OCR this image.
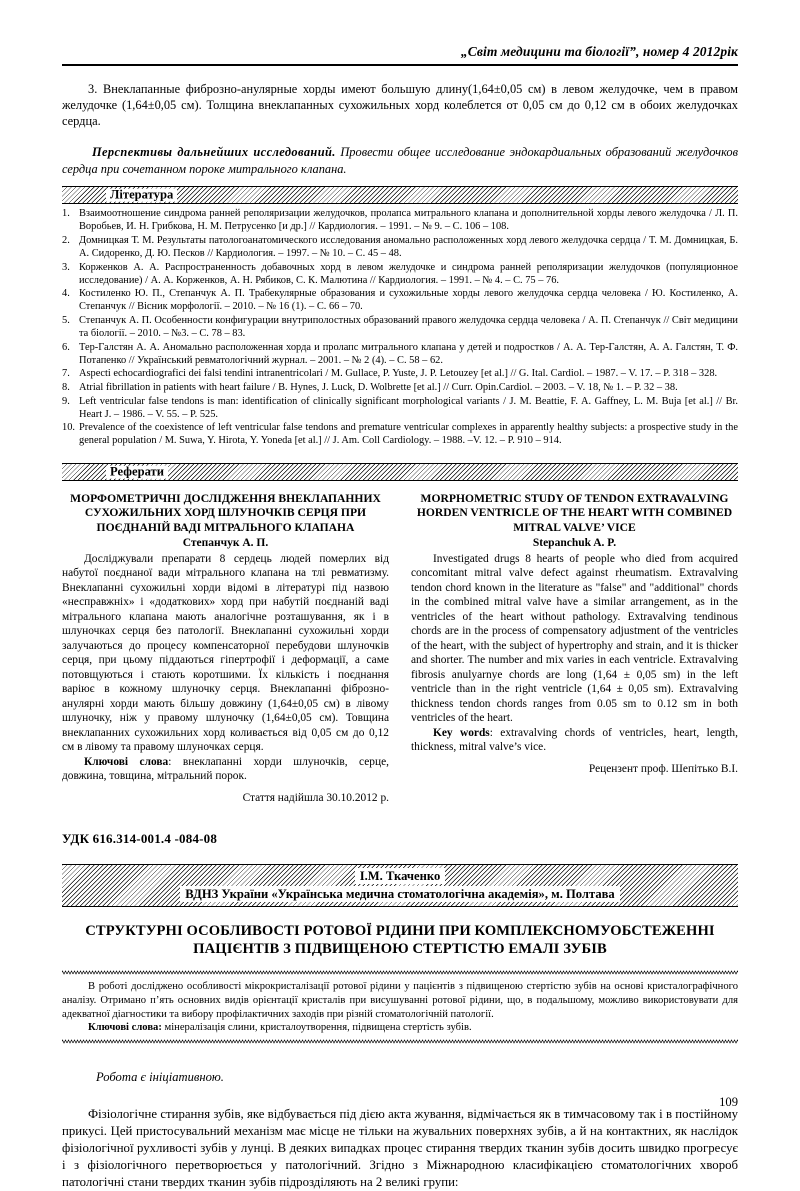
„Світ медицини та біології”, номер 4 2012рік

3. Внеклапанные фиброзно-анулярные хорды имеют большую длину(1,64±0,05 см) в левом желудочке, чем в правом желудочке (1,64±0,05 см). Толщина внеклапанных сухожильных хорд колеблется от 0,05 см до 0,12 см в обоих желудочках сердца.

Перспективы дальнейших исследований. Провести общее исследование эндокардиальных образований желудочков сердца при сочетанном пороке митрального клапана.

Література
1. Взаимоотношение синдрома ранней реполяризации желудочков, пролапса митрального клапана и дополнительной хорды левого желудочка / Л. П. Воробьев, И. Н. Грибкова, Н. М. Петрусенко [и др.] // Кардиология. – 1991. – № 9. – С. 106 – 108.
2. Домницкая Т. М. Результаты патологоанатомического исследования аномально расположенных хорд левого желудочка сердца / Т. М. Домницкая, Б. А. Сидоренко, Д. Ю. Песков // Кардиология. – 1997. – № 10. – С. 45 – 48.
3. Корженков А. А. Распространенность добавочных хорд в левом желудочке и синдрома ранней реполяризации желудочков (популяционное исследование) / А. А. Корженков, А. Н. Рябиков, С. К. Малютина // Кардиология. – 1991. – № 4. – С. 75 – 76.
4. Костиленко Ю. П., Степанчук А. П. Трабекулярные образования и сухожильные хорды левого желудочка сердца человека / Ю. Костиленко, А. Степанчук // Вісник морфології. – 2010. – № 16 (1). – С. 66 – 70.
5. Степанчук А. П. Особенности конфигурации внутриполостных образований правого желудочка сердца человека / А. П. Степанчук // Світ медицини та біології. – 2010. – №3. – С. 78 – 83.
6. Тер-Галстян А. А. Аномально расположенная хорда и пролапс митрального клапана у детей и подростков / А. А. Тер-Галстян, А. А. Галстян, Т. Ф. Потапенко // Український ревматологічний журнал. – 2001. – № 2 (4). – С. 58 – 62.
7. Aspecti echocardiografici dei falsi tendini intranentricolari / M. Gullace, P. Yuste, J. P. Letouzey [et al.] // G. Ital. Cardiol. – 1987. – V. 17. – P. 318 – 328.
8. Atrial fibrillation in patients with heart failure / B. Hynes, J. Luck, D. Wolbrette [et al.] // Curr. Opin.Cardiol. – 2003. – V. 18, № 1. – P. 32 – 38.
9. Left ventricular false tendons is man: identification of clinically significant morphological variants / J. M. Beattie, F. A. Gaffney, L. M. Buja [et al.] // Br. Heart J. – 1986. – V. 55. – P. 525.
10. Prevalence of the coexistence of left ventricular false tendons and premature ventricular complexes in apparently healthy subjects: a prospective study in the general population / M. Suwa, Y. Hirota, Y. Yoneda [et al.] // J. Am. Coll Cardiology. – 1988. –V. 12. – P. 910 – 914.
Реферати

МОРФОМЕТРИЧНІ ДОСЛІДЖЕННЯ ВНЕКЛАПАННИХ СУХОЖИЛЬНИХ ХОРД ШЛУНОЧКІВ СЕРЦЯ ПРИ ПОЄДНАНІЙ ВАДІ МІТРАЛЬНОГО КЛАПАНА

Степанчук А. П.

Досліджували препарати 8 сердець людей померлих від набутої поєднаної вади мітрального клапана на тлі ревматизму. Внеклапанні сухожильні хорди відомі в літературі під назвою «несправжніх» і «додаткових» хорд при набутій поєднаній ваді мітрального клапана мають аналогічне розташування, як і в шлуночках серця без патології. Внеклапанні сухожильні хорди залучаються до процесу компенсаторної перебудови шлуночків серця, при цьому піддаються гіпертрофії і деформації, а саме потовщуються і стають коротшими. Їх кількість і поєднання варіює в кожному шлуночку серця. Внеклапанні фіброзно-анулярні хорди мають більшу довжину (1,64±0,05 см) в лівому шлуночку, ніж у правому шлуночку (1,64±0,05 см). Товщина внеклапанних сухожильних хорд коливається від 0,05 см до 0,12 см в лівому та правому шлуночках серця.

Ключові слова: внеклапанні хорди шлуночків, серце, довжина, товщина, мітральний порок.

Стаття надійшла 30.10.2012 р.

MORPHOMETRIC STUDY OF TENDON EXTRAVALVING HORDEN VENTRICLE OF THE HEART WITH COMBINED MITRAL VALVE’ VICE

Stepanchuk A. P.

Investigated drugs 8 hearts of people who died from acquired concomitant mitral valve defect against rheumatism. Extravalving tendon chord known in the literature as "false" and "additional" chords in the combined mitral valve have a similar arrangement, as in the ventricles of the heart without pathology. Extravalving tendinous chords are in the process of compensatory adjustment of the ventricles of the heart, with the subject of hypertrophy and strain, and it is thicker and shorter. The number and mix varies in each ventricle. Extravalving fibrosis anulyarnye chords are long (1,64 ± 0,05 sm) in the left ventricle than in the right ventricle (1,64 ± 0,05 sm). Extravalving thickness tendon chords ranges from 0.05 sm to 0.12 sm in both ventricles of the heart.

Key words: extravalving chords of ventricles, heart, length, thickness, mitral valve’s vice.

Рецензент проф. Шепітько В.І.

УДК 616.314-001.4 -084-08

І.М. Ткаченко
ВДНЗ України «Українська медична стоматологічна академія», м. Полтава

СТРУКТУРНІ ОСОБЛИВОСТІ РОТОВОЇ РІДИНИ ПРИ КОМПЛЕКСНОМУОБСТЕЖЕННІ ПАЦІЄНТІВ З ПІДВИЩЕНОЮ СТЕРТІСТЮ ЕМАЛІ ЗУБІВ

В роботі досліджено особливості мікрокристалізації ротової рідини у пацієнтів з підвищеною стертістю зубів на основі кристалографічного аналізу. Отримано п’ять основних видів орієнтації кристалів при висушуванні ротової рідини, що, в подальшому, можливо використовувати для адекватної діагностики та вибору профілактичних заходів при різній стоматологічній патології.

Ключові слова: мінералізація слини, кристалоутворення, підвищена стертість зубів.

Робота є ініціативною.

Фізіологічне стирання зубів, яке відбувається під дією акта жування, відмічається як в тимчасовому так і в постійному прикусі. Цей пристосувальний механізм має місце не тільки на жувальних поверхнях зубів, а й на контактних, як наслідок фізіологічної рухливості зубів у лунці. В деяких випадках процес стирання твердих тканин зубів досить швидко прогресує і з фізіологічного перетворюється у патологічний. Згідно з Міжнародною класифікацією стоматологічних хвороб патологічні стани твердих тканин зубів підрозділяють на 2 великі групи:

109
